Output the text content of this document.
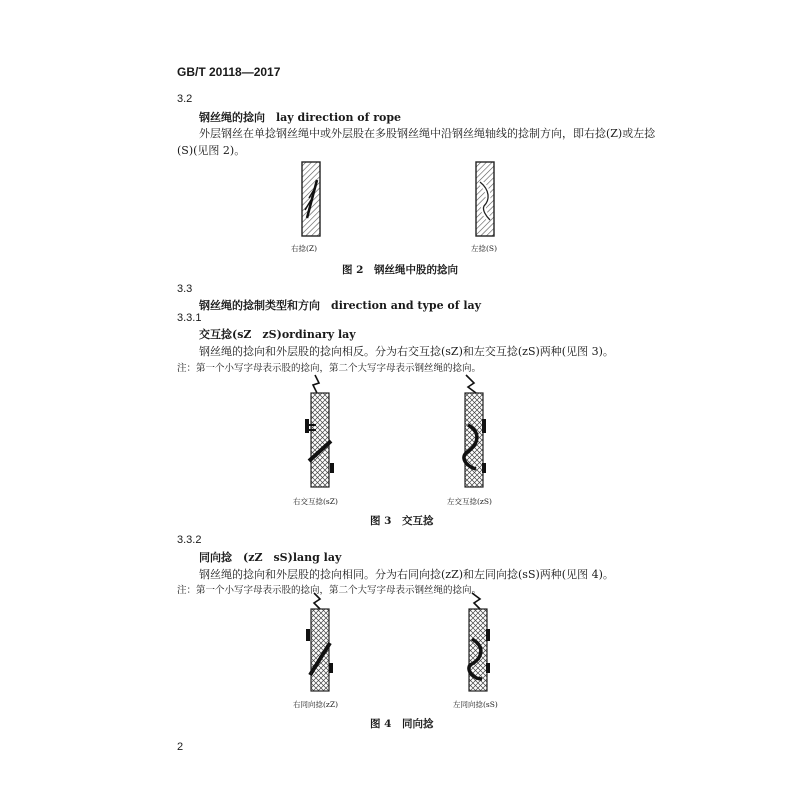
GB/T 20118—2017
3.2
钢丝绳的捻向　lay direction of rope
外层钢丝在单捻钢丝绳中或外层股在多股钢丝绳中沿钢丝绳轴线的捻制方向，即右捻(Z)或左捻
(S)(见图 2)。
右捻(Z)	左捻(S)
图 2　钢丝绳中股的捻向
3.3
钢丝绳的捻制类型和方向　direction and type of lay
3.3.1
交互捻(sZ　zS)ordinary lay
钢丝绳的捻向和外层股的捻向相反。分为右交互捻(sZ)和左交互捻(zS)两种(见图 3)。
注：第一个小写字母表示股的捻向，第二个大写字母表示钢丝绳的捻向。
右交互捻(sZ)	左交互捻(zS)
图 3　交互捻
3.3.2
同向捻　(zZ　sS)lang lay
钢丝绳的捻向和外层股的捻向相同。分为右同向捻(zZ)和左同向捻(sS)两种(见图 4)。
注：第一个小写字母表示股的捻向，第二个大写字母表示钢丝绳的捻向。
右同向捻(zZ)	左同向捻(sS)
图 4　同向捻
2
